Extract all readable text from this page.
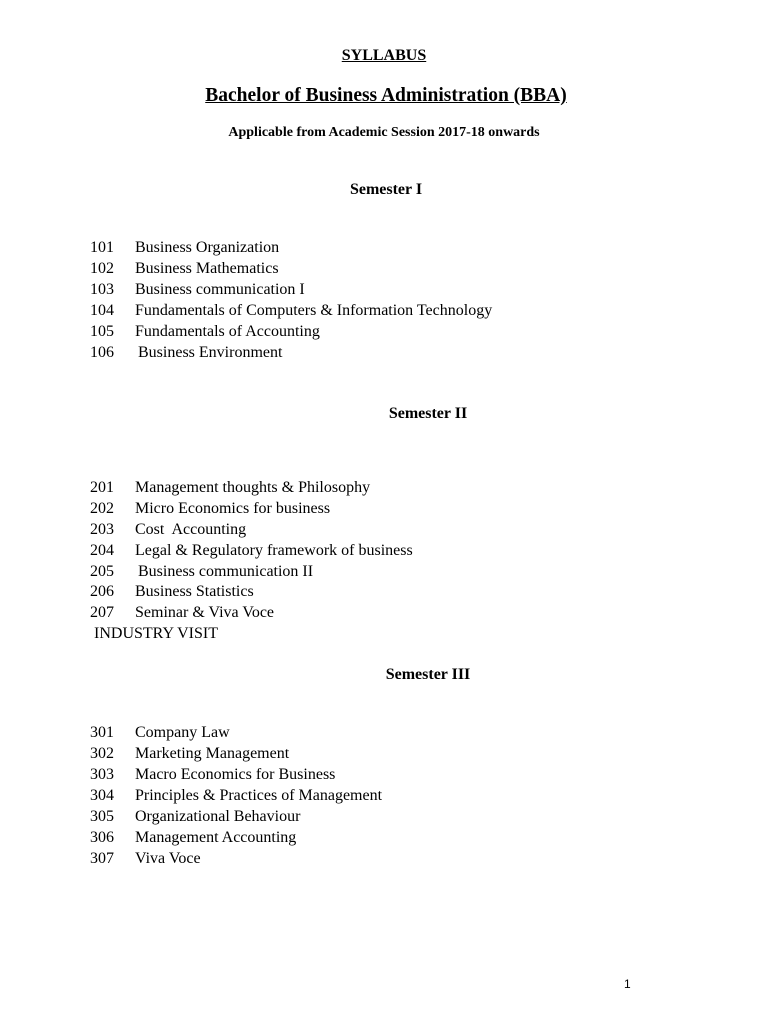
SYLLABUS
Bachelor of Business Administration (BBA)
Applicable from Academic Session 2017-18 onwards
Semester I
101 Business Organization
102 Business Mathematics
103 Business communication I
104 Fundamentals of Computers & Information Technology
105 Fundamentals of Accounting
106 Business Environment
Semester II
201 Management thoughts & Philosophy
202 Micro Economics for business
203 Cost  Accounting
204 Legal & Regulatory framework of business
205 Business communication II
206 Business Statistics
207 Seminar & Viva Voce
INDUSTRY VISIT
Semester III
301 Company Law
302 Marketing Management
303 Macro Economics for Business
304 Principles & Practices of Management
305 Organizational Behaviour
306 Management Accounting
307 Viva Voce
1
